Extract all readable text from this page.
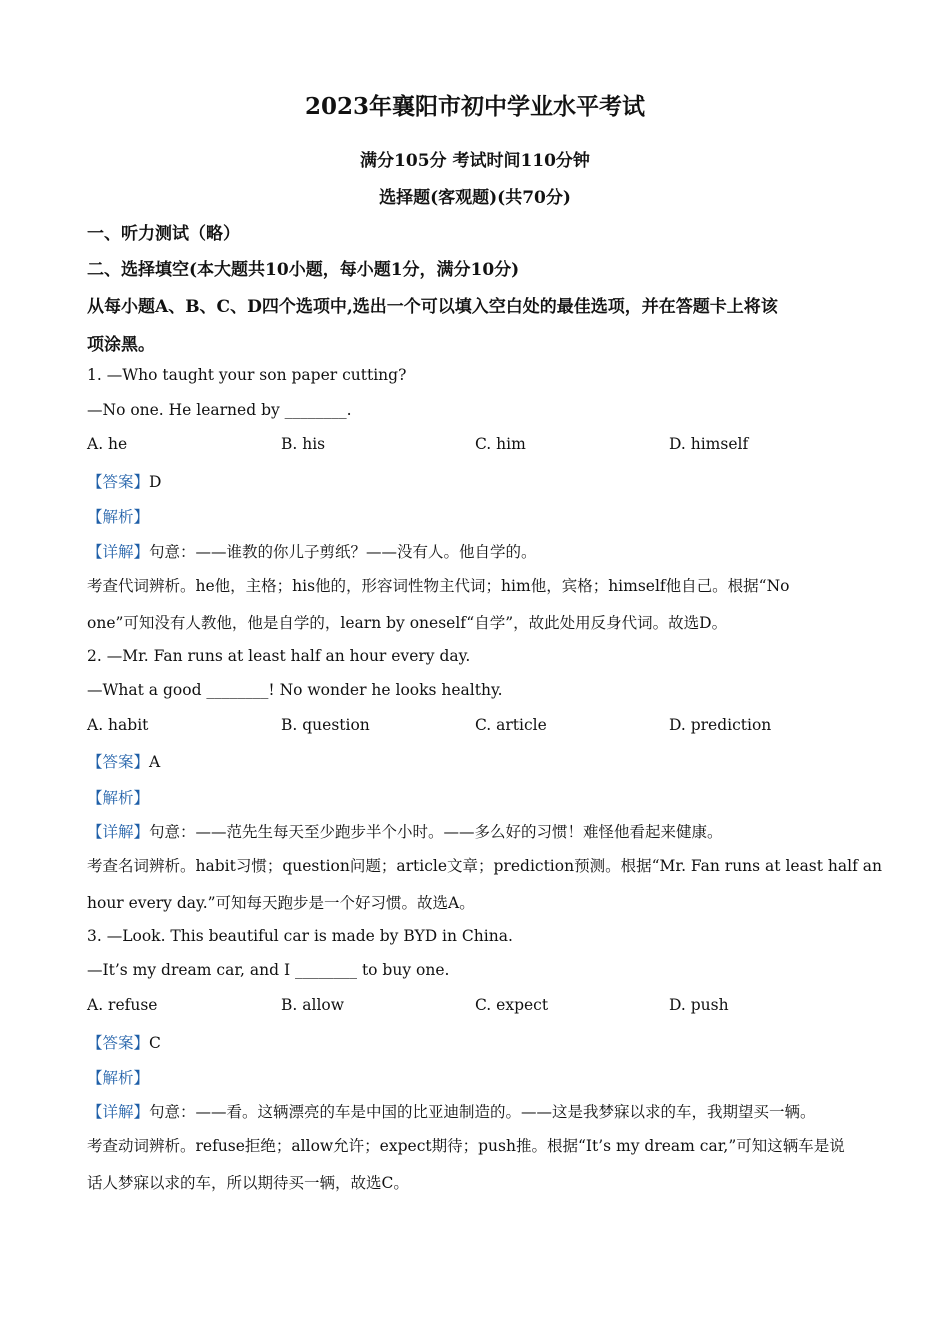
2023年襄阳市初中学业水平考试
满分105分 考试时间110分钟
选择题(客观题)(共70分)
一、听力测试（略）
二、选择填空(本大题共10小题，每小题1分，满分10分)
从每小题A、B、C、D四个选项中,选出一个可以填入空白处的最佳选项，并在答题卡上将该
项涂黑。
1. —Who taught your son paper cutting?
—No one. He learned by ________.
A. he	B. his	C. him	D. himself
【答案】D
【解析】
【详解】句意：——谁教的你儿子剪纸？——没有人。他自学的。
考查代词辨析。he他，主格；his他的，形容词性物主代词；him他，宾格；himself他自己。根据“No
one”可知没有人教他，他是自学的，learn by oneself“自学”，故此处用反身代词。故选D。
2. —Mr. Fan runs at least half an hour every day.
—What a good ________! No wonder he looks healthy.
A. habit	B. question	C. article	D. prediction
【答案】A
【解析】
【详解】句意：——范先生每天至少跑步半个小时。——多么好的习惯！难怪他看起来健康。
考查名词辨析。habit习惯；question问题；article文章；prediction预测。根据“Mr. Fan runs at least half an
hour every day.”可知每天跑步是一个好习惯。故选A。
3. —Look. This beautiful car is made by BYD in China.
—It’s my dream car, and I ________ to buy one.
A. refuse	B. allow	C. expect	D. push
【答案】C
【解析】
【详解】句意：——看。这辆漂亮的车是中国的比亚迪制造的。——这是我梦寐以求的车，我期望买一辆。
考查动词辨析。refuse拒绝；allow允许；expect期待；push推。根据“It’s my dream car,”可知这辆车是说
话人梦寐以求的车，所以期待买一辆，故选C。
